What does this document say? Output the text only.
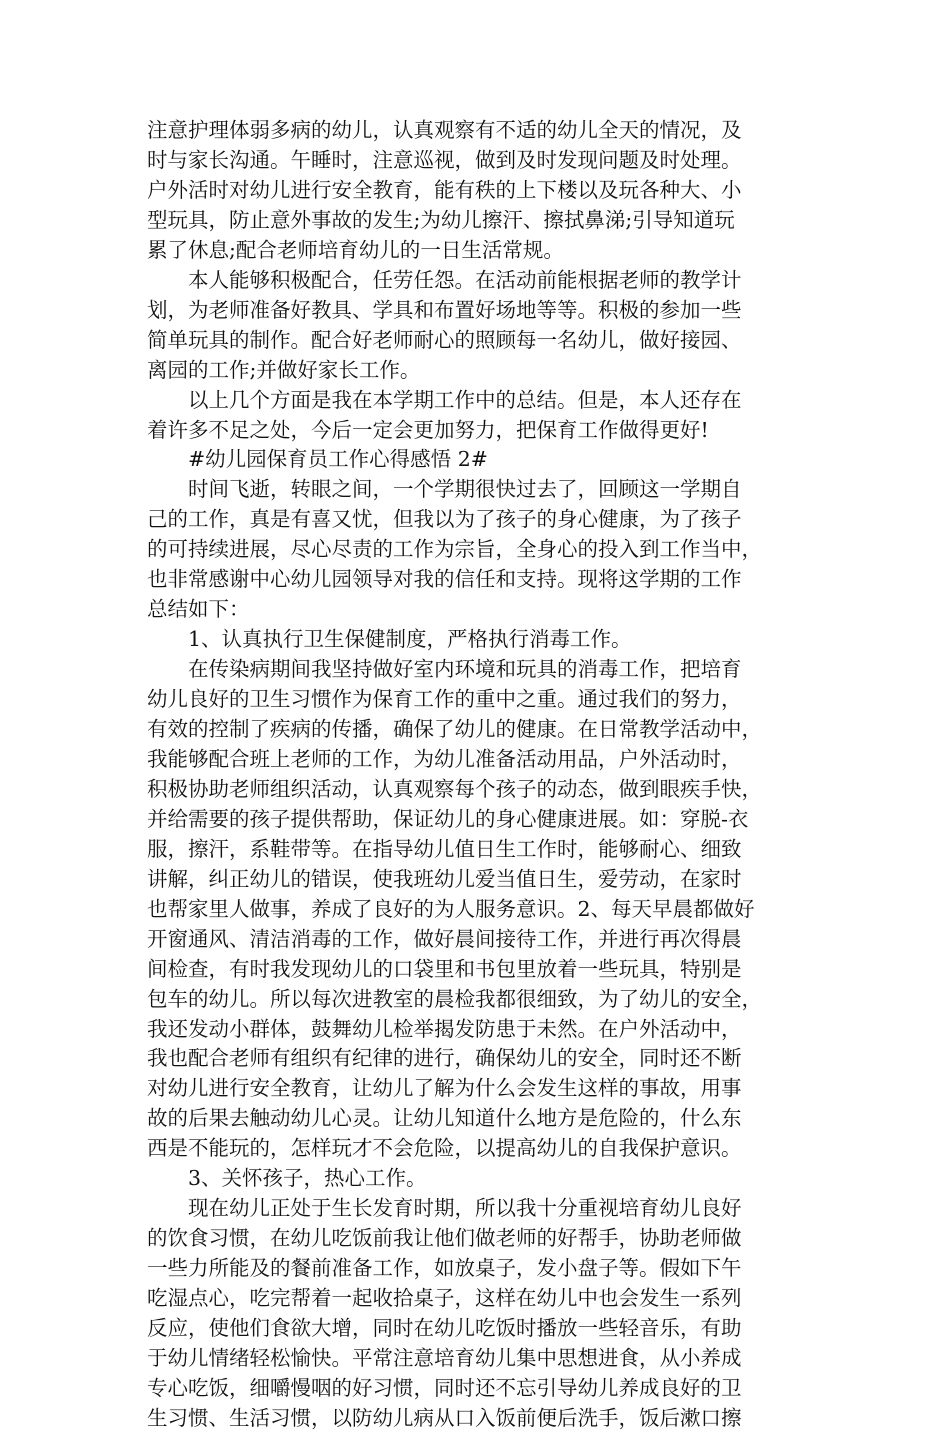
注意护理体弱多病的幼儿，认真观察有不适的幼儿全天的情况，及
时与家长沟通。午睡时，注意巡视，做到及时发现问题及时处理。
户外活时对幼儿进行安全教育，能有秩的上下楼以及玩各种大、小
型玩具，防止意外事故的发生;为幼儿擦汗、擦拭鼻涕;引导知道玩
累了休息;配合老师培育幼儿的一日生活常规。
本人能够积极配合，任劳任怨。在活动前能根据老师的教学计
划，为老师准备好教具、学具和布置好场地等等。积极的参加一些
简单玩具的制作。配合好老师耐心的照顾每一名幼儿，做好接园、
离园的工作;并做好家长工作。
以上几个方面是我在本学期工作中的总结。但是，本人还存在
着许多不足之处，今后一定会更加努力，把保育工作做得更好!
#幼儿园保育员工作心得感悟 2#
时间飞逝，转眼之间，一个学期很快过去了，回顾这一学期自
己的工作，真是有喜又忧，但我以为了孩子的身心健康，为了孩子
的可持续进展，尽心尽责的工作为宗旨，全身心的投入到工作当中，
也非常感谢中心幼儿园领导对我的信任和支持。现将这学期的工作
总结如下：
1、认真执行卫生保健制度，严格执行消毒工作。
在传染病期间我坚持做好室内环境和玩具的消毒工作，把培育
幼儿良好的卫生习惯作为保育工作的重中之重。通过我们的努力，
有效的控制了疾病的传播，确保了幼儿的健康。在日常教学活动中，
我能够配合班上老师的工作，为幼儿准备活动用品，户外活动时，
积极协助老师组织活动，认真观察每个孩子的动态，做到眼疾手快，
并给需要的孩子提供帮助，保证幼儿的身心健康进展。如：穿脱-衣
服，擦汗，系鞋带等。在指导幼儿值日生工作时，能够耐心、细致
讲解，纠正幼儿的错误，使我班幼儿爱当值日生，爱劳动，在家时
也帮家里人做事，养成了良好的为人服务意识。2、每天早晨都做好
开窗通风、清洁消毒的工作，做好晨间接待工作，并进行再次得晨
间检查，有时我发现幼儿的口袋里和书包里放着一些玩具，特别是
包车的幼儿。所以每次进教室的晨检我都很细致，为了幼儿的安全，
我还发动小群体，鼓舞幼儿检举揭发防患于未然。在户外活动中，
我也配合老师有组织有纪律的进行，确保幼儿的安全，同时还不断
对幼儿进行安全教育，让幼儿了解为什么会发生这样的事故，用事
故的后果去触动幼儿心灵。让幼儿知道什么地方是危险的，什么东
西是不能玩的，怎样玩才不会危险，以提高幼儿的自我保护意识。
3、关怀孩子，热心工作。
现在幼儿正处于生长发育时期，所以我十分重视培育幼儿良好
的饮食习惯，在幼儿吃饭前我让他们做老师的好帮手，协助老师做
一些力所能及的餐前准备工作，如放桌子，发小盘子等。假如下午
吃湿点心，吃完帮着一起收拾桌子，这样在幼儿中也会发生一系列
反应，使他们食欲大增，同时在幼儿吃饭时播放一些轻音乐，有助
于幼儿情绪轻松愉快。平常注意培育幼儿集中思想进食，从小养成
专心吃饭，细嚼慢咽的好习惯，同时还不忘引导幼儿养成良好的卫
生习惯、生活习惯，以防幼儿病从口入饭前便后洗手，饭后漱口擦
